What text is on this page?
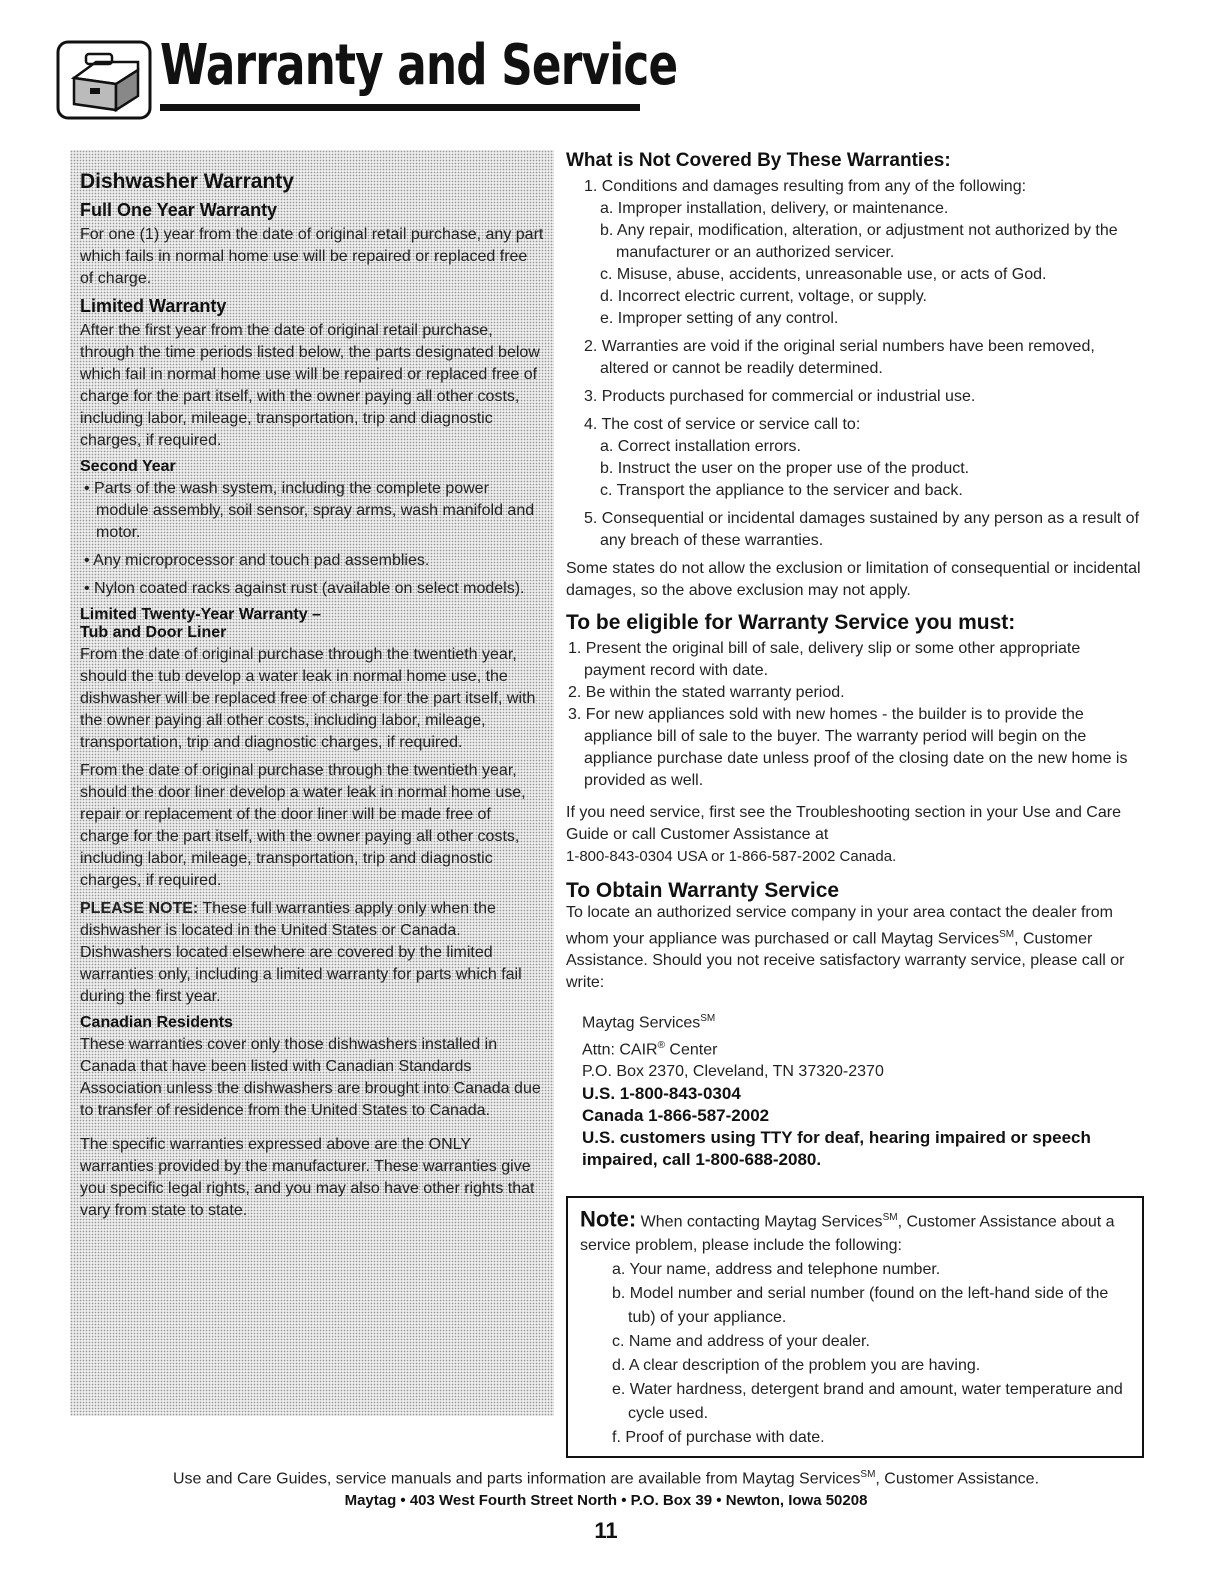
Warranty and Service
Dishwasher Warranty
Full One Year Warranty

For one (1) year from the date of original retail purchase, any part which fails in normal home use will be repaired or replaced free of charge.

Limited Warranty

After the first year from the date of original retail purchase, through the time periods listed below, the parts designated below which fail in normal home use will be repaired or replaced free of charge for the part itself, with the owner paying all other costs, including labor, mileage, transportation, trip and diagnostic charges, if required.

Second Year
• Parts of the wash system, including the complete power module assembly, soil sensor, spray arms, wash manifold and motor.
• Any microprocessor and touch pad assemblies.
• Nylon coated racks against rust (available on select models).
Limited Twenty-Year Warranty –
Tub and Door Liner

From the date of original purchase through the twentieth year, should the tub develop a water leak in normal home use, the dishwasher will be replaced free of charge for the part itself, with the owner paying all other costs, including labor, mileage, transportation, trip and diagnostic charges, if required.

From the date of original purchase through the twentieth year, should the door liner develop a water leak in normal home use, repair or replacement of the door liner will be made free of charge for the part itself, with the owner paying all other costs, including labor, mileage, transportation, trip and diagnostic charges, if required.

PLEASE NOTE: These full warranties apply only when the dishwasher is located in the United States or Canada. Dishwashers located elsewhere are covered by the limited warranties only, including a limited warranty for parts which fail during the first year.

Canadian Residents

These warranties cover only those dishwashers installed in Canada that have been listed with Canadian Standards Association unless the dishwashers are brought into Canada due to transfer of residence from the United States to Canada.

The specific warranties expressed above are the ONLY warranties provided by the manufacturer. These warranties give you specific legal rights, and you may also have other rights that vary from state to state.

What is Not Covered By These Warranties:
1. Conditions and damages resulting from any of the following:
a. Improper installation, delivery, or maintenance.
b. Any repair, modification, alteration, or adjustment not authorized by the manufacturer or an authorized servicer.
c. Misuse, abuse, accidents, unreasonable use, or acts of God.
d. Incorrect electric current, voltage, or supply.
e. Improper setting of any control.
2. Warranties are void if the original serial numbers have been removed, altered or cannot be readily determined.
3. Products purchased for commercial or industrial use.
4. The cost of service or service call to:
a. Correct installation errors.
b. Instruct the user on the proper use of the product.
c. Transport the appliance to the servicer and back.
5. Consequential or incidental damages sustained by any person as a result of any breach of these warranties.
Some states do not allow the exclusion or limitation of consequential or incidental damages, so the above exclusion may not apply.
To be eligible for Warranty Service you must:
1. Present the original bill of sale, delivery slip or some other appropriate payment record with date.
2. Be within the stated warranty period.
3. For new appliances sold with new homes - the builder is to provide the appliance bill of sale to the buyer. The warranty period will begin on the appliance purchase date unless proof of the closing date on the new home is provided as well.
If you need service, first see the Troubleshooting section in your Use and Care Guide or call Customer Assistance at
1-800-843-0304 USA or 1-866-587-2002 Canada.
To Obtain Warranty Service
To locate an authorized service company in your area contact the dealer from whom your appliance was purchased or call Maytag Services℠, Customer Assistance. Should you not receive satisfactory warranty service, please call or write:
Maytag Services℠
Attn: CAIR® Center
P.O. Box 2370, Cleveland, TN 37320-2370
U.S. 1-800-843-0304
Canada 1-866-587-2002
U.S. customers using TTY for deaf, hearing impaired or speech impaired, call 1-800-688-2080.
Note: When contacting Maytag Services℠, Customer Assistance about a service problem, please include the following:
a. Your name, address and telephone number.
b. Model number and serial number (found on the left-hand side of the tub) of your appliance.
c. Name and address of your dealer.
d. A clear description of the problem you are having.
e. Water hardness, detergent brand and amount, water temperature and cycle used.
f. Proof of purchase with date.
Use and Care Guides, service manuals and parts information are available from Maytag Services℠, Customer Assistance.
Maytag • 403 West Fourth Street North • P.O. Box 39 • Newton, Iowa 50208
11
